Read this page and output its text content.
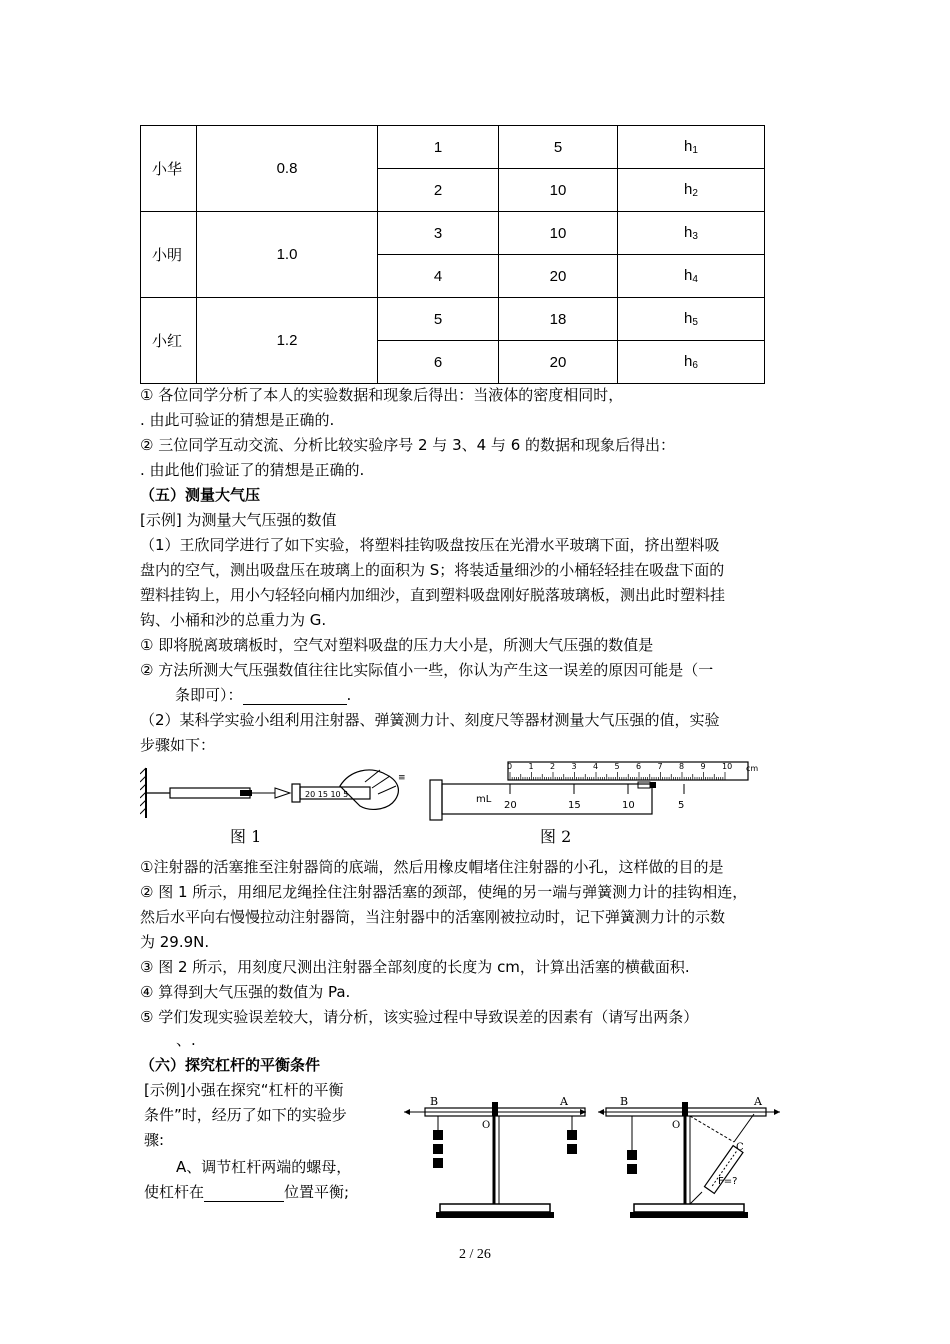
小华	0.8	1	5	$h_1$
		2	10	$h_2$
小明	1.0	3	10	$h_3$
		4	20	$h_4$
小红	1.2	5	18	$h_5$
		6	20	$h_6$
① 各位同学分析了本人的实验数据和现象后得出：当液体的密度相同时，
. 由此可验证的猜想是正确的.
② 三位同学互动交流、分析比较实验序号 2 与 3、4 与 6 的数据和现象后得出：
. 由此他们验证了的猜想是正确的.
（五）测量大气压
[示例] 为测量大气压强的数值
（1）王欣同学进行了如下实验，将塑料挂钩吸盘按压在光滑水平玻璃下面，挤出塑料吸
盘内的空气，测出吸盘压在玻璃上的面积为 S；将装适量细沙的小桶轻轻挂在吸盘下面的
塑料挂钩上，用小勺轻轻向桶内加细沙，直到塑料吸盘刚好脱落玻璃板，测出此时塑料挂
钩、小桶和沙的总重力为 G.
① 即将脱离玻璃板时，空气对塑料吸盘的压力大小是，所测大气压强的数值是
② 方法所测大气压强数值往往比实际值小一些，你认为产生这一误差的原因可能是（一
条即可）：	.
（2）某科学实验小组利用注射器、弹簧测力计、刻度尺等器材测量大气压强的值，实验
步骤如下：
20 15 10 5
≡
图 1
0 1 2 3 4 5 6 7 8 9 10 cm
mL
20	15	10	5
图 2
①注射器的活塞推至注射器筒的底端，然后用橡皮帽堵住注射器的小孔，这样做的目的是
② 图 1 所示，用细尼龙绳拴住注射器活塞的颈部，使绳的另一端与弹簧测力计的挂钩相连，
然后水平向右慢慢拉动注射器筒，当注射器中的活塞刚被拉动时，记下弹簧测力计的示数
为 29.9N.
③ 图 2 所示，用刻度尺测出注射器全部刻度的长度为 cm，计算出活塞的横截面积.
④ 算得到大气压强的数值为 Pa.
⑤ 学们发现实验误差较大，请分析，该实验过程中导致误差的因素有（请写出两条）
、.
（六）探究杠杆的平衡条件
[示例]小强在探究“杠杆的平衡
条件”时，经历了如下的实验步
骤:
A、调节杠杆两端的螺母，
使杠杆在	位置平衡;
B	A
O
B	A
O
C
F=?
2 / 26
